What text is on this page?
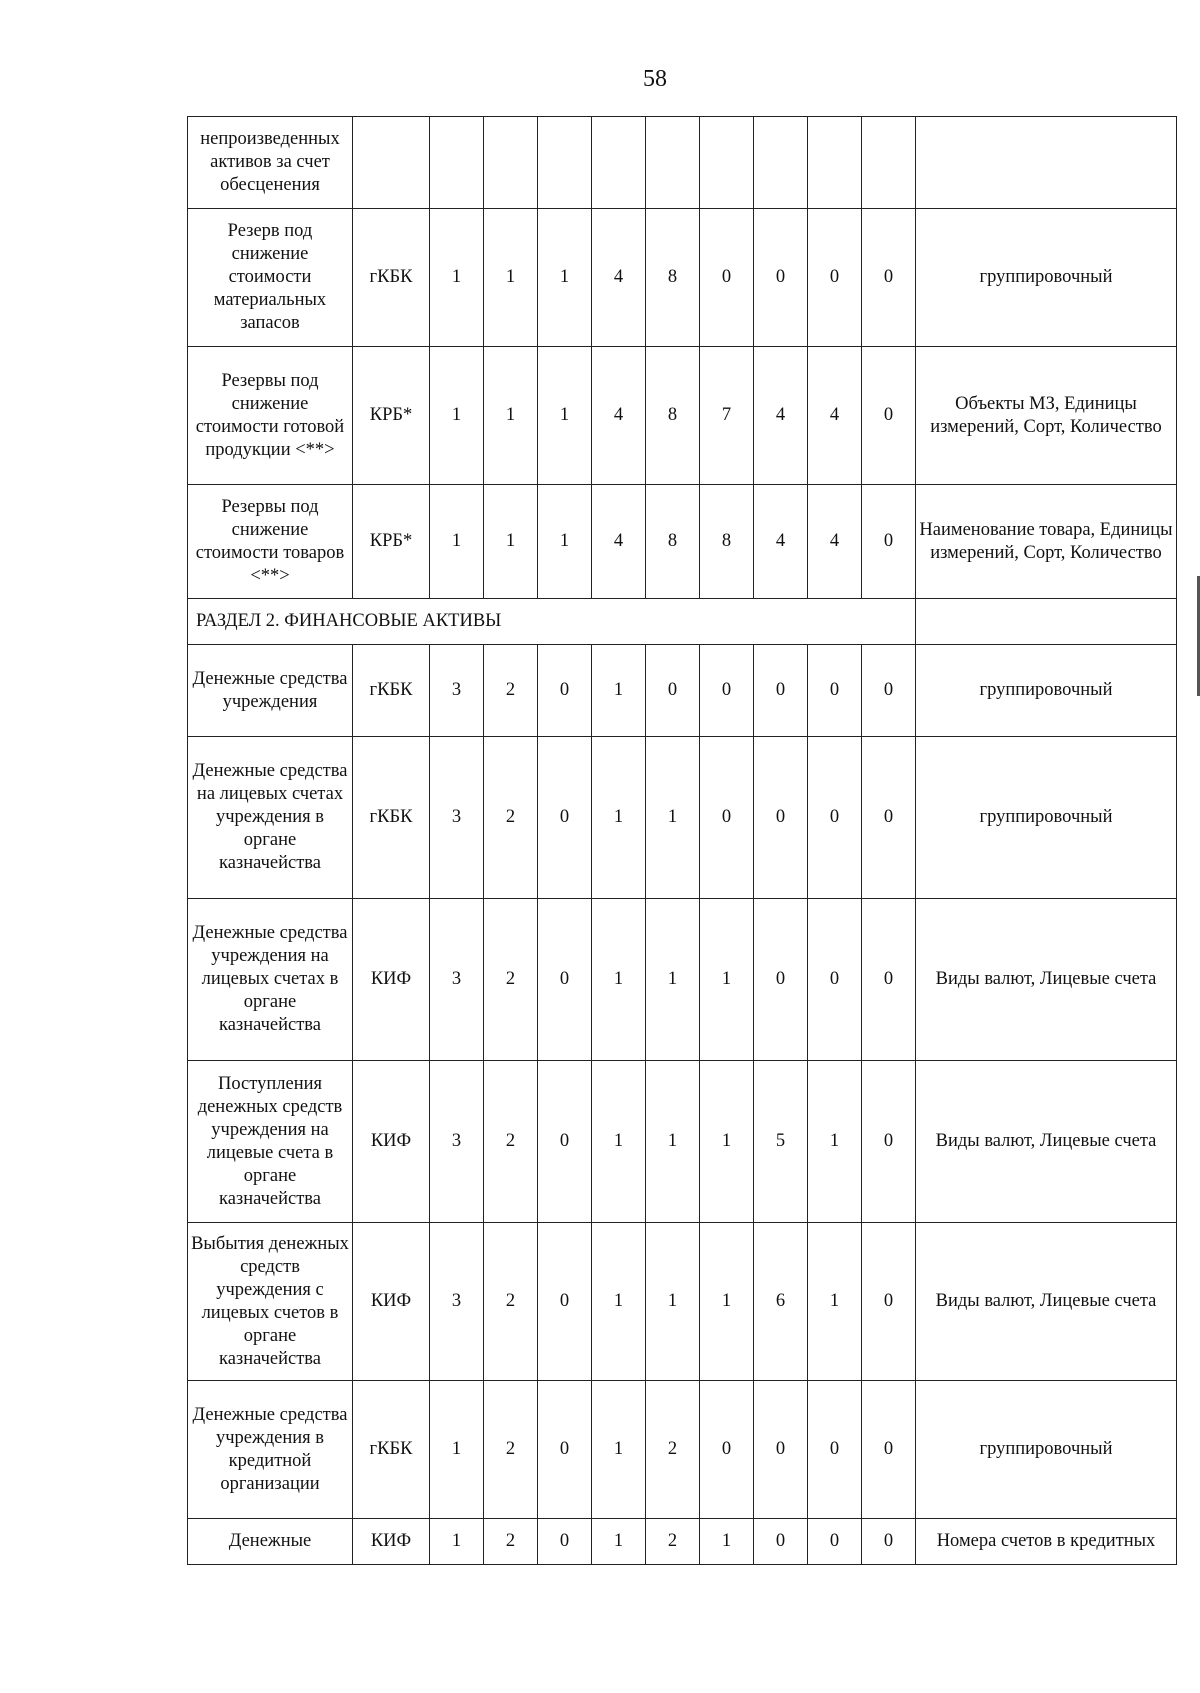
58
непроизведенных активов за счет обесценения											
Резерв под снижение стоимости материальных запасов	гКБК	1	1	1	4	8	0	0	0	0	группировочный
Резервы под снижение стоимости готовой продукции <**>	КРБ*	1	1	1	4	8	7	4	4	0	Объекты МЗ, Единицы измерений, Сорт, Количество
Резервы под снижение стоимости товаров <**>	КРБ*	1	1	1	4	8	8	4	4	0	Наименование товара, Единицы измерений, Сорт, Количество
РАЗДЕЛ 2. ФИНАНСОВЫЕ АКТИВЫ											
Денежные средства учреждения	гКБК	3	2	0	1	0	0	0	0	0	группировочный
Денежные средства на лицевых счетах учреждения в органе казначейства	гКБК	3	2	0	1	1	0	0	0	0	группировочный
Денежные средства учреждения на лицевых счетах в органе казначейства	КИФ	3	2	0	1	1	1	0	0	0	Виды валют, Лицевые счета
Поступления денежных средств учреждения на лицевые счета в органе казначейства	КИФ	3	2	0	1	1	1	5	1	0	Виды валют, Лицевые счета
Выбытия денежных средств учреждения с лицевых счетов в органе казначейства	КИФ	3	2	0	1	1	1	6	1	0	Виды валют, Лицевые счета
Денежные средства учреждения в кредитной организации	гКБК	1	2	0	1	2	0	0	0	0	группировочный
Денежные	КИФ	1	2	0	1	2	1	0	0	0	Номера счетов в кредитных
